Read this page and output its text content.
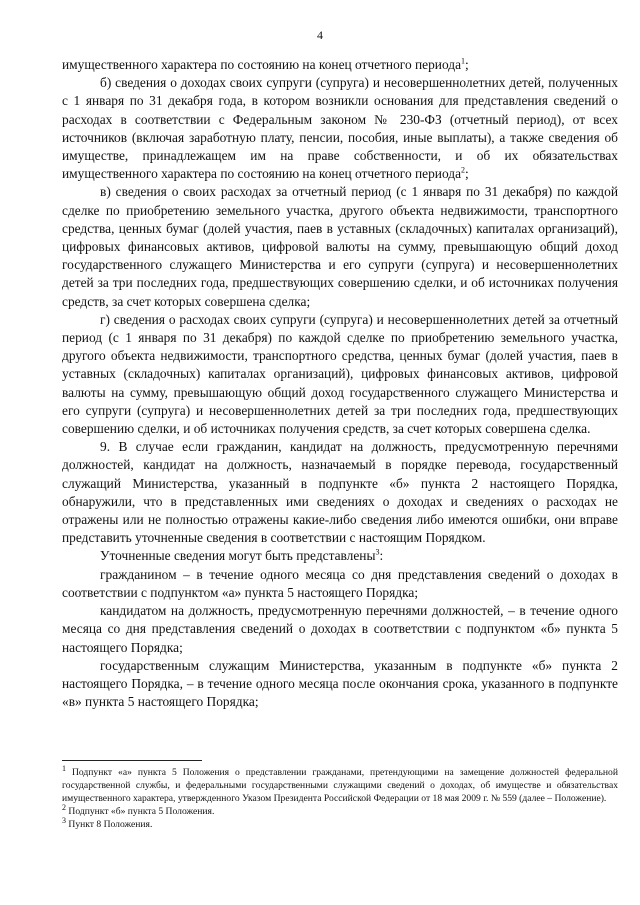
4

имущественного характера по состоянию на конец отчетного периода$^1$;

б) сведения о доходах своих супруги (супруга) и несовершеннолетних детей, полученных с 1 января по 31 декабря года, в котором возникли основания для представления сведений о расходах в соответствии с Федеральным законом № 230-ФЗ (отчетный период), от всех источников (включая заработную плату, пенсии, пособия, иные выплаты), а также сведения об имуществе, принадлежащем им на праве собственности, и об их обязательствах имущественного характера по состоянию на конец отчетного периода$^2$;

в) сведения о своих расходах за отчетный период (с 1 января по 31 декабря) по каждой сделке по приобретению земельного участка, другого объекта недвижимости, транспортного средства, ценных бумаг (долей участия, паев в уставных (складочных) капиталах организаций), цифровых финансовых активов, цифровой валюты на сумму, превышающую общий доход государственного служащего Министерства и его супруги (супруга) и несовершеннолетних детей за три последних года, предшествующих совершению сделки, и об источниках получения средств, за счет которых совершена сделка;

г) сведения о расходах своих супруги (супруга) и несовершеннолетних детей за отчетный период (с 1 января по 31 декабря) по каждой сделке по приобретению земельного участка, другого объекта недвижимости, транспортного средства, ценных бумаг (долей участия, паев в уставных (складочных) капиталах организаций), цифровых финансовых активов, цифровой валюты на сумму, превышающую общий доход государственного служащего Министерства и его супруги (супруга) и несовершеннолетних детей за три последних года, предшествующих совершению сделки, и об источниках получения средств, за счет которых совершена сделка.

9. В случае если гражданин, кандидат на должность, предусмотренную перечнями должностей, кандидат на должность, назначаемый в порядке перевода, государственный служащий Министерства, указанный в подпункте «б» пункта 2 настоящего Порядка, обнаружили, что в представленных ими сведениях о доходах и сведениях о расходах не отражены или не полностью отражены какие-либо сведения либо имеются ошибки, они вправе представить уточненные сведения в соответствии с настоящим Порядком.

Уточненные сведения могут быть представлены$^3$:

гражданином – в течение одного месяца со дня представления сведений о доходах в соответствии с подпунктом «а» пункта 5 настоящего Порядка;

кандидатом на должность, предусмотренную перечнями должностей, – в течение одного месяца со дня представления сведений о доходах в соответствии с подпунктом «б» пункта 5 настоящего Порядка;

государственным служащим Министерства, указанным в подпункте «б» пункта 2 настоящего Порядка, – в течение одного месяца после окончания срока, указанного в подпункте «в» пункта 5 настоящего Порядка;

$^1$ Подпункт «а» пункта 5 Положения о представлении гражданами, претендующими на замещение должностей федеральной государственной службы, и федеральными государственными служащими сведений о доходах, об имуществе и обязательствах имущественного характера, утвержденного Указом Президента Российской Федерации от 18 мая 2009 г. № 559 (далее – Положение).

$^2$ Подпункт «б» пункта 5 Положения.

$^3$ Пункт 8 Положения.
